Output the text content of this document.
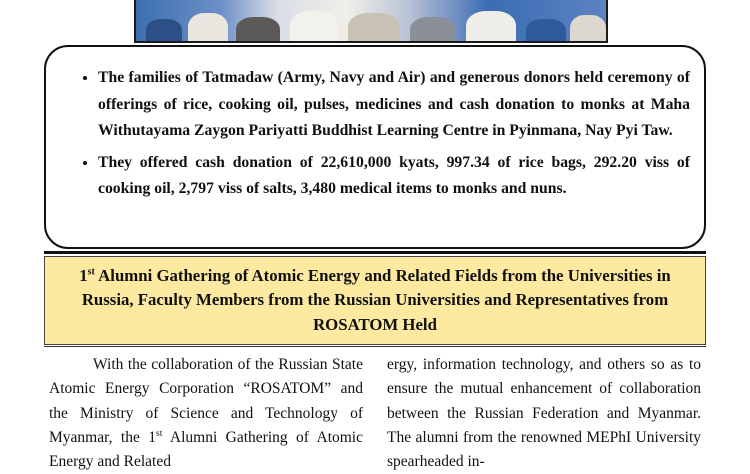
• The families of Tatmadaw (Army, Navy and Air) and generous donors held ceremony of offerings of rice, cooking oil, pulses, medicines and cash donation to monks at Maha Withutayama Zaygon Pariyatti Buddhist Learning Centre in Pyinmana, Nay Pyi Taw.
• They offered cash donation of 22,610,000 kyats, 997.34 of rice bags, 292.20 viss of cooking oil, 2,797 viss of salts, 3,480 medical items to monks and nuns.
1st Alumni Gathering of Atomic Energy and Related Fields from the Universities in Russia, Faculty Members from the Russian Universities and Representatives from ROSATOM Held

With the collaboration of the Russian State Atomic Energy Corporation “ROSATOM” and the Ministry of Science and Technology of Myanmar, the 1st Alumni Gathering of Atomic Energy and Related

ergy, information technology, and others so as to ensure the mutual enhancement of collaboration between the Russian Federation and Myanmar. The alumni from the renowned MEPhI University spearheaded in-
